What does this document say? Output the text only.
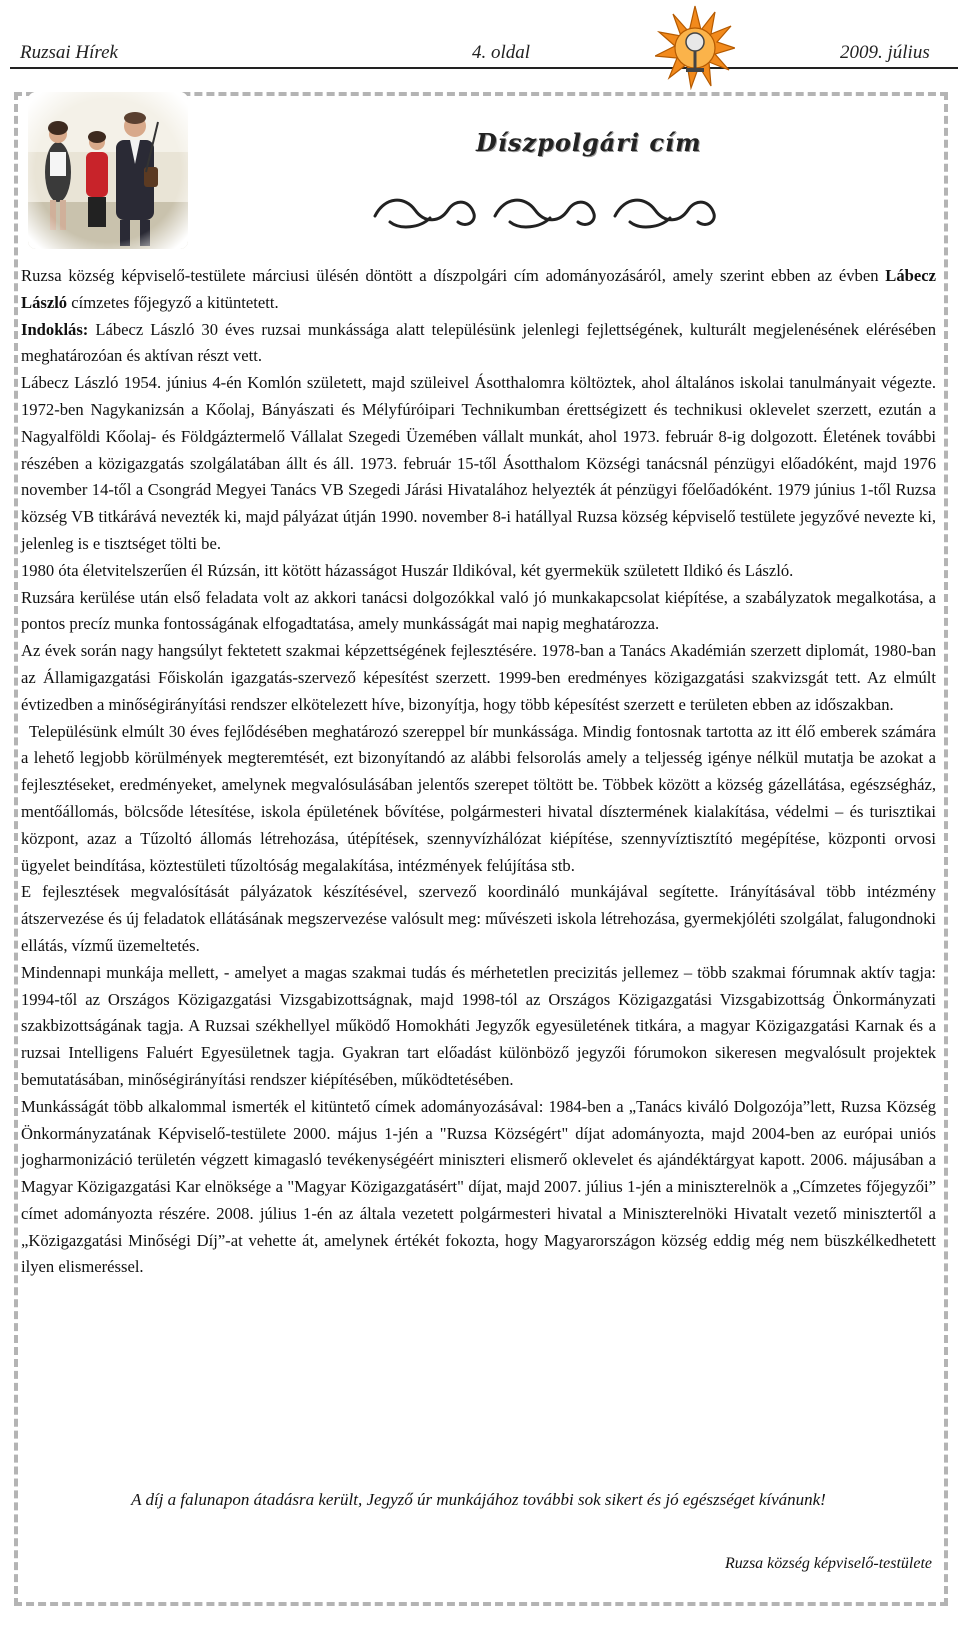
Ruzsai Hírek	4. oldal	2009. július
Díszpolgári cím

Ruzsa község képviselő-testülete márciusi ülésén döntött a díszpolgári cím adományozásáról, amely szerint ebben az évben Lábecz László címzetes főjegyző a kitüntetett.

Indoklás: Lábecz László 30 éves ruzsai munkássága alatt településünk jelenlegi fejlettségének, kulturált megjelenésének elérésében meghatározóan és aktívan részt vett.

Lábecz László 1954. június 4-én Komlón született, majd szüleivel Ásotthalomra költöztek, ahol általános iskolai tanulmányait végezte. 1972-ben Nagykanizsán a Kőolaj, Bányászati és Mélyfúróipari Technikumban érettségizett és technikusi oklevelet szerzett, ezután a Nagyalföldi Kőolaj- és Földgáztermelő Vállalat Szegedi Üzemében vállalt munkát, ahol 1973. február 8-ig dolgozott. Életének további részében a közigazgatás szolgálatában állt és áll. 1973. február 15-től Ásotthalom Községi tanácsnál pénzügyi előadóként, majd 1976 november 14-től a Csongrád Megyei Tanács VB Szegedi Járási Hivatalához helyezték át pénzügyi főelőadóként. 1979 június 1-től Ruzsa község VB titkárává nevezték ki, majd pályázat útján 1990. november 8-i hatállyal Ruzsa község képviselő testülete jegyzővé nevezte ki, jelenleg is e tisztséget tölti be.

1980 óta életvitelszerűen él Rúzsán, itt kötött házasságot Huszár Ildikóval, két gyermekük született Ildikó és László.

Ruzsára kerülése után első feladata volt az akkori tanácsi dolgozókkal való jó munkakapcsolat kiépítése, a szabályzatok megalkotása, a pontos precíz munka fontosságának elfogadtatása, amely munkásságát mai napig meghatározza.

Az évek során nagy hangsúlyt fektetett szakmai képzettségének fejlesztésére. 1978-ban a Tanács Akadémián szerzett diplomát, 1980-ban az Államigazgatási Főiskolán igazgatás-szervező képesítést szerzett. 1999-ben eredményes közigazgatási szakvizsgát tett. Az elmúlt évtizedben a minőségirányítási rendszer elkötelezett híve, bizonyítja, hogy több képesítést szerzett e területen ebben az időszakban.

Településünk elmúlt 30 éves fejlődésében meghatározó szereppel bír munkássága. Mindig fontosnak tartotta az itt élő emberek számára a lehető legjobb körülmények megteremtését, ezt bizonyítandó az alábbi felsorolás amely a teljesség igénye nélkül mutatja be azokat a fejlesztéseket, eredményeket, amelynek megvalósulásában jelentős szerepet töltött be. Többek között a község gázellátása, egészségház, mentőállomás, bölcsőde létesítése, iskola épületének bővítése, polgármesteri hivatal dísztermének kialakítása, védelmi – és turisztikai központ, azaz a Tűzoltó állomás létrehozása, útépítések, szennyvízhálózat kiépítése, szennyvíztisztító megépítése, központi orvosi ügyelet beindítása, köztestületi tűzoltóság megalakítása, intézmények felújítása stb.

E fejlesztések megvalósítását pályázatok készítésével, szervező koordináló munkájával segítette. Irányításával több intézmény átszervezése és új feladatok ellátásának megszervezése valósult meg: művészeti iskola létrehozása, gyermekjóléti szolgálat, falugondnoki ellátás, vízmű üzemeltetés.

Mindennapi munkája mellett, - amelyet a magas szakmai tudás és mérhetetlen precizitás jellemez – több szakmai fórumnak aktív tagja: 1994-től az Országos Közigazgatási Vizsgabizottságnak, majd 1998-tól az Országos Közigazgatási Vizsgabizottság Önkormányzati szakbizottságának tagja. A Ruzsai székhellyel működő Homokháti Jegyzők egyesületének titkára, a magyar Közigazgatási Karnak és a ruzsai Intelligens Faluért Egyesületnek tagja. Gyakran tart előadást különböző jegyzői fórumokon sikeresen megvalósult projektek bemutatásában, minőségirányítási rendszer kiépítésében, működtetésében.

Munkásságát több alkalommal ismerték el kitüntető címek adományozásával: 1984-ben a „Tanács kiváló Dolgozója”lett, Ruzsa Község Önkormányzatának Képviselő-testülete 2000. május 1-jén a "Ruzsa Községért" díjat adományozta, majd 2004-ben az európai uniós jogharmonizáció területén végzett kimagasló tevékenységéért miniszteri elismerő oklevelet és ajándéktárgyat kapott. 2006. májusában a Magyar Közigazgatási Kar elnöksége a "Magyar Közigazgatásért" díjat, majd 2007. július 1-jén a miniszterelnök a „Címzetes főjegyzői” címet adományozta részére. 2008. július 1-én az általa vezetett polgármesteri hivatal a Miniszterelnöki Hivatalt vezető minisztertől a „Közigazgatási Minőségi Díj”-at vehette át, amelynek értékét fokozta, hogy Magyarországon község eddig még nem büszkélkedhetett ilyen elismeréssel.

A díj a falunapon átadásra került, Jegyző úr munkájához további sok sikert és jó egészséget kívánunk!
Ruzsa község képviselő-testülete
